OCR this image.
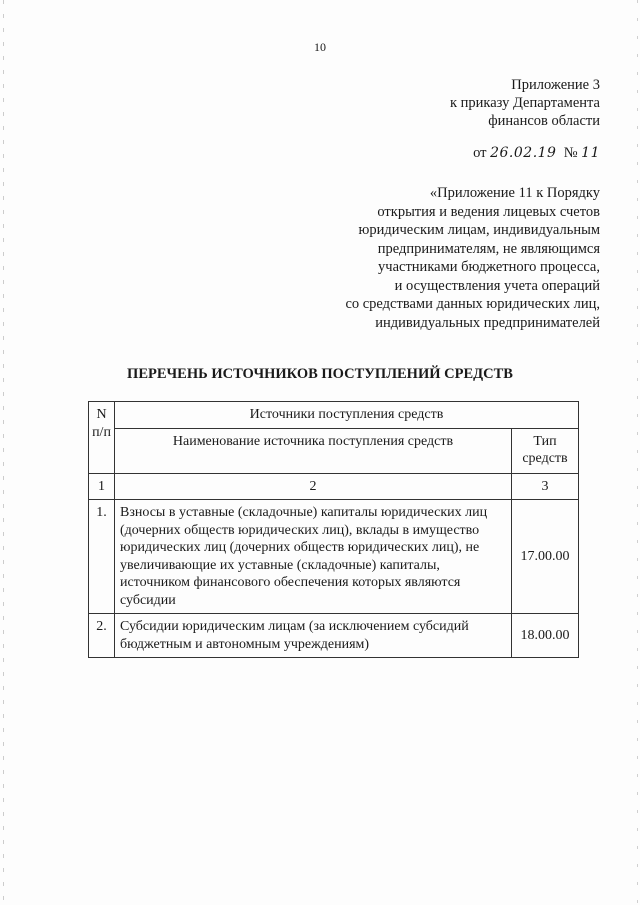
10
Приложение 3
к приказу Департамента
финансов области
от 26.02.19 № 11
«Приложение 11 к Порядку
открытия и ведения лицевых счетов
юридическим лицам, индивидуальным
предпринимателям, не являющимся
участниками бюджетного процесса,
и осуществления учета операций
со средствами данных юридических лиц,
индивидуальных предпринимателей
ПЕРЕЧЕНЬ ИСТОЧНИКОВ ПОСТУПЛЕНИЙ СРЕДСТВ
N п/п	Источники поступления средств	
	Наименование источника поступления средств	Тип средств
1	2	3
1.	Взносы в уставные (складочные) капиталы юридических лиц (дочерних обществ юридических лиц), вклады в имущество юридических лиц (дочерних обществ юридических лиц), не увеличивающие их уставные (складочные) капиталы, источником финансового обеспечения которых являются субсидии	17.00.00
2.	Субсидии юридическим лицам (за исключением субсидий бюджетным и автономным учреждениям)	18.00.00
